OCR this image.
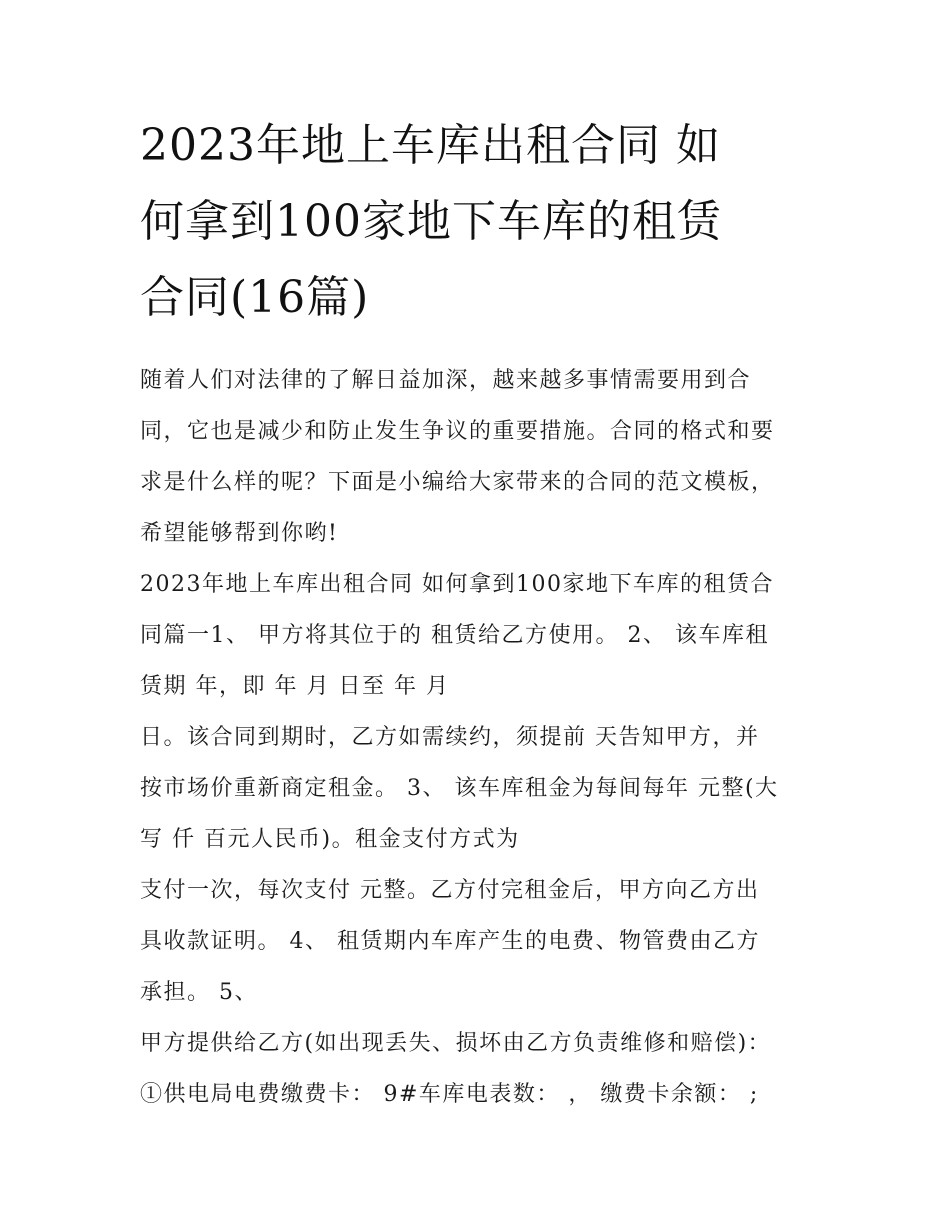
2023年地上车库出租合同 如
何拿到100家地下车库的租赁
合同(16篇)
随着人们对法律的了解日益加深，越来越多事情需要用到合
同，它也是减少和防止发生争议的重要措施。合同的格式和要
求是什么样的呢？下面是小编给大家带来的合同的范文模板，
希望能够帮到你哟!
2023年地上车库出租合同 如何拿到100家地下车库的租赁合
同篇一1、 甲方将其位于的 租赁给乙方使用。 2、 该车库租
赁期 年，即 年 月 日至 年 月
日。该合同到期时，乙方如需续约，须提前 天告知甲方，并
按市场价重新商定租金。 3、 该车库租金为每间每年 元整(大
写 仟 百元人民币)。租金支付方式为
支付一次，每次支付 元整。乙方付完租金后，甲方向乙方出
具收款证明。 4、 租赁期内车库产生的电费、物管费由乙方
承担。 5、
甲方提供给乙方(如出现丢失、损坏由乙方负责维修和赔偿)：
①供电局电费缴费卡： 9#车库电表数： ， 缴费卡余额： ;
